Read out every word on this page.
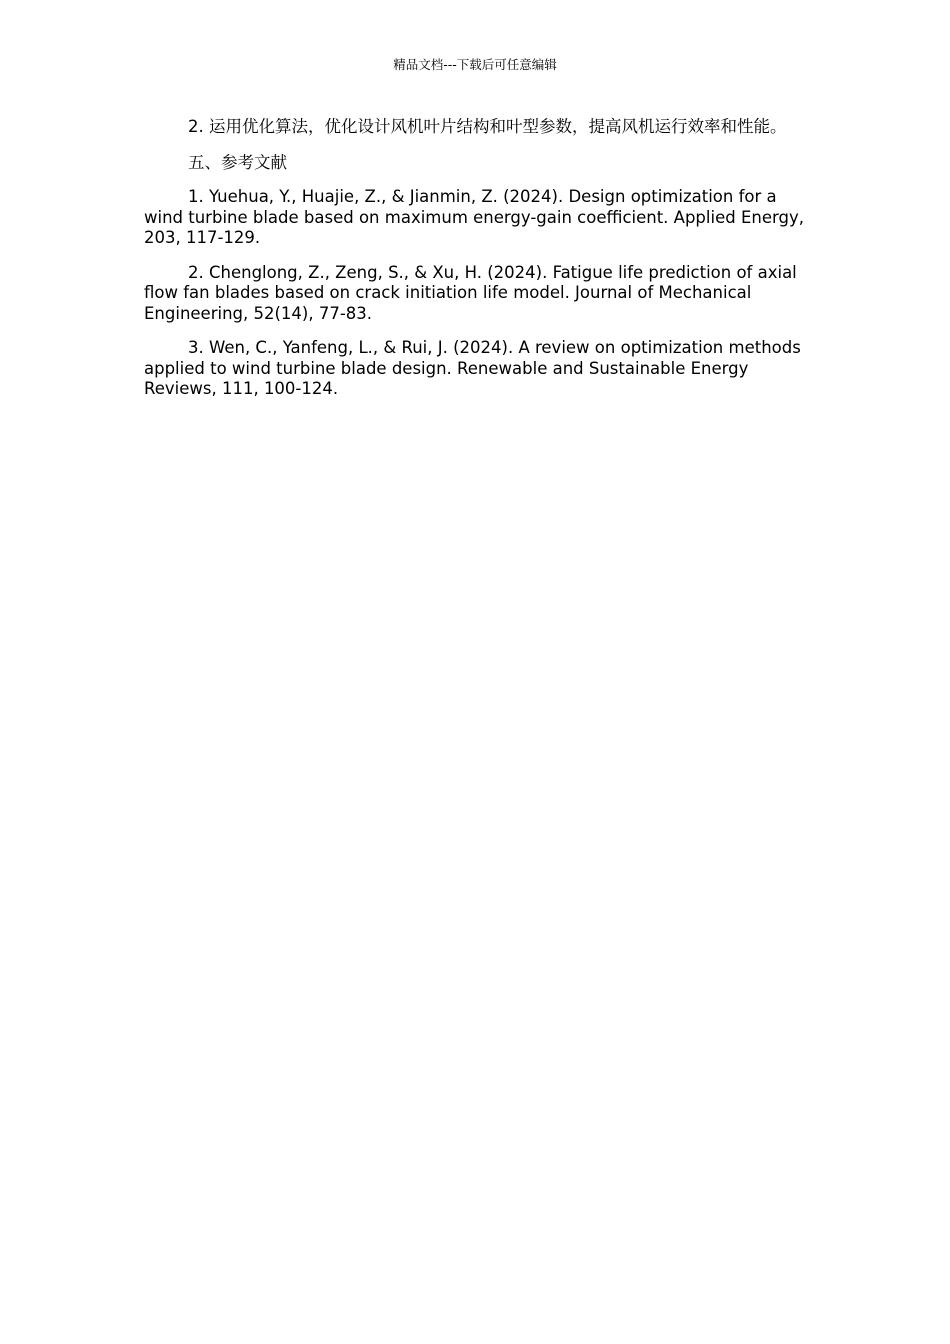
精品文档---下载后可任意编辑

2. 运用优化算法，优化设计风机叶片结构和叶型参数，提高风机运行效率和性能。

五、参考文献

1. Yuehua, Y., Huajie, Z., & Jianmin, Z. (2024). Design optimization for a wind turbine blade based on maximum energy-gain coefficient. Applied Energy, 203, 117-129.

2. Chenglong, Z., Zeng, S., & Xu, H. (2024). Fatigue life prediction of axial flow fan blades based on crack initiation life model. Journal of Mechanical Engineering, 52(14), 77-83.

3. Wen, C., Yanfeng, L., & Rui, J. (2024). A review on optimization methods applied to wind turbine blade design. Renewable and Sustainable Energy Reviews, 111, 100-124.
